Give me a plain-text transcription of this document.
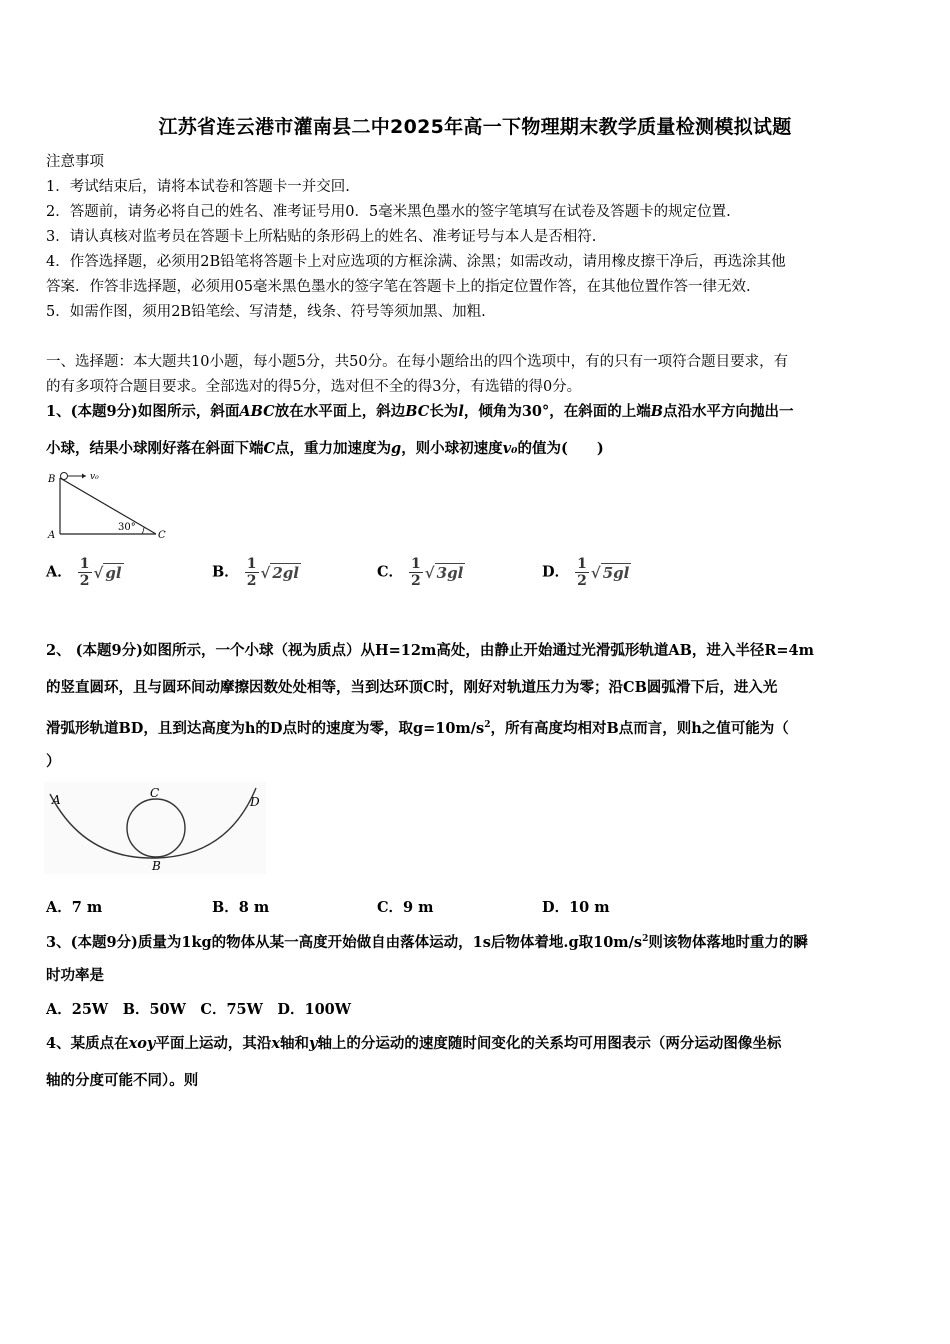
江苏省连云港市灌南县二中2025年高一下物理期末教学质量检测模拟试题
注意事项
1．考试结束后，请将本试卷和答题卡一并交回.
2．答题前，请务必将自己的姓名、准考证号用0．5毫米黑色墨水的签字笔填写在试卷及答题卡的规定位置.
3．请认真核对监考员在答题卡上所粘贴的条形码上的姓名、准考证号与本人是否相符.
4．作答选择题，必须用2B铅笔将答题卡上对应选项的方框涂满、涂黑；如需改动，请用橡皮擦干净后，再选涂其他
答案．作答非选择题，必须用05毫米黑色墨水的签字笔在答题卡上的指定位置作答，在其他位置作答一律无效.
5．如需作图，须用2B铅笔绘、写清楚，线条、符号等须加黑、加粗.
一、选择题：本大题共10小题，每小题5分，共50分。在每小题给出的四个选项中，有的只有一项符合题目要求，有
的有多项符合题目要求。全部选对的得5分，选对但不全的得3分，有选错的得0分。
1、(本题9分)如图所示，斜面ABC放在水平面上，斜边BC长为l，倾角为30°，在斜面的上端B点沿水平方向抛出一
小球，结果小球刚好落在斜面下端C点，重力加速度为g，则小球初速度v₀的值为(　　)
B
A	C
v₀
30°
A． $\frac{1}{2}$ √ gl	B． $\frac{1}{2}$ √ 2gl	C． $\frac{1}{2}$ √ 3gl	D． $\frac{1}{2}$ √ 5gl
2、 (本题9分)如图所示，一个小球（视为质点）从H=12m高处，由静止开始通过光滑弧形轨道AB，进入半径R=4m
的竖直圆环，且与圆环间动摩擦因数处处相等，当到达环顶C时，刚好对轨道压力为零；沿CB圆弧滑下后，进入光
滑弧形轨道BD，且到达高度为h的D点时的速度为零，取$g=10m/s^2$，所有高度均相对B点而言，则h之值可能为（
）
A	C
D
B
A．7 m	B．8 m	C．9 m	D．10 m
3、(本题9分)质量为1kg的物体从某一高度开始做自由落体运动，1s后物体着地.g取$10m/s^2$则该物体落地时重力的瞬
时功率是
A．25W　B．50W　C．75W　D．100W
4、某质点在xoy平面上运动，其沿x轴和y轴上的分运动的速度随时间变化的关系均可用图表示（两分运动图像坐标
轴的分度可能不同）。则
